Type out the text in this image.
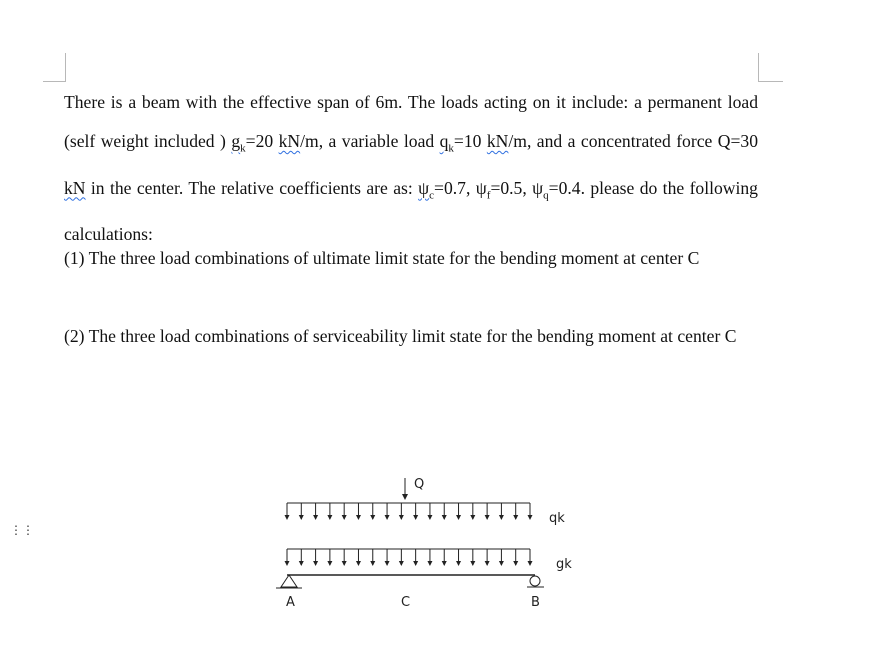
There is a beam with the effective span of 6m. The loads acting on it include: a permanent load (self weight included ) $g_k=20$ kN/m, a variable load $q_k=10$ kN/m, and a concentrated force Q=30 kN in the center. The relative coefficients are as: $\psi_c=0.7$, $\psi_f=0.5$, $\psi_q=0.4$. please do the following calculations:
(1) The three load combinations of ultimate limit state for the bending moment at center C
(2) The three load combinations of serviceability limit state for the bending moment at center C
⋮⋮
Q
qk
gk
A	C	B
